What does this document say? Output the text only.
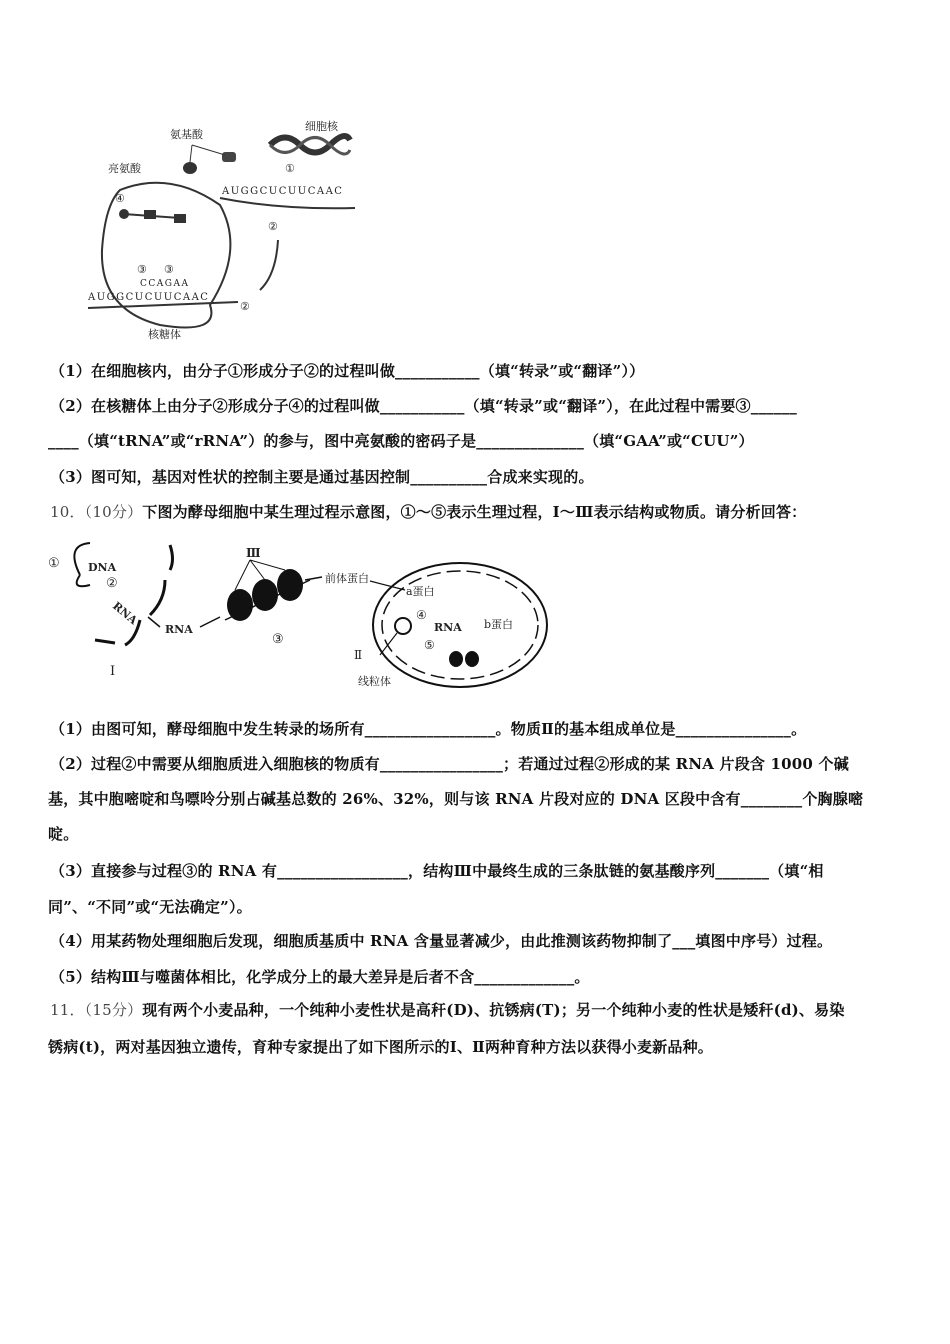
氨基酸
细胞核
亮氨酸
核糖体
①
AUGGCUCUUCAAC
②
④
③ ③
CCAGAA
AUGGCUCUUCAAC
②
（1）在细胞核内，由分子①形成分子②的过程叫做___________（填“转录”或“翻译”））
（2）在核糖体上由分子②形成分子④的过程叫做___________（填“转录”或“翻译”），在此过程中需要③______
____（填“tRNA”或“rRNA”）的参与，图中亮氨酸的密码子是______________（填“GAA”或“CUU”）
（3）图可知，基因对性状的控制主要是通过基因控制__________合成来实现的。
10．（10分）下图为酵母细胞中某生理过程示意图，①～⑤表示生理过程，Ⅰ～Ⅲ表示结构或物质。请分析回答：
①	DNA
②
RNA
Ⅰ
RNA
Ⅲ
③
前体蛋白
a蛋白
④
RNA b蛋白
⑤
Ⅱ
线粒体
（1）由图可知，酵母细胞中发生转录的场所有_________________。物质Ⅱ的基本组成单位是_______________。
（2）过程②中需要从细胞质进入细胞核的物质有________________；若通过过程②形成的某 RNA 片段含 1000 个碱
基，其中胞嘧啶和鸟嘌呤分别占碱基总数的 26%、32%，则与该 RNA 片段对应的 DNA 区段中含有________个胸腺嘧
啶。
（3）直接参与过程③的 RNA 有_________________，结构Ⅲ中最终生成的三条肽链的氨基酸序列_______（填“相
同”、“不同”或“无法确定”）。
（4）用某药物处理细胞后发现，细胞质基质中 RNA 含量显著减少，由此推测该药物抑制了___填图中序号）过程。
（5）结构Ⅲ与噬菌体相比，化学成分上的最大差异是后者不含_____________。
11．（15分）现有两个小麦品种，一个纯种小麦性状是高秆(D)、抗锈病(T)；另一个纯种小麦的性状是矮秆(d)、易染
锈病(t)，两对基因独立遗传，育种专家提出了如下图所示的Ⅰ、Ⅱ两种育种方法以获得小麦新品种。
